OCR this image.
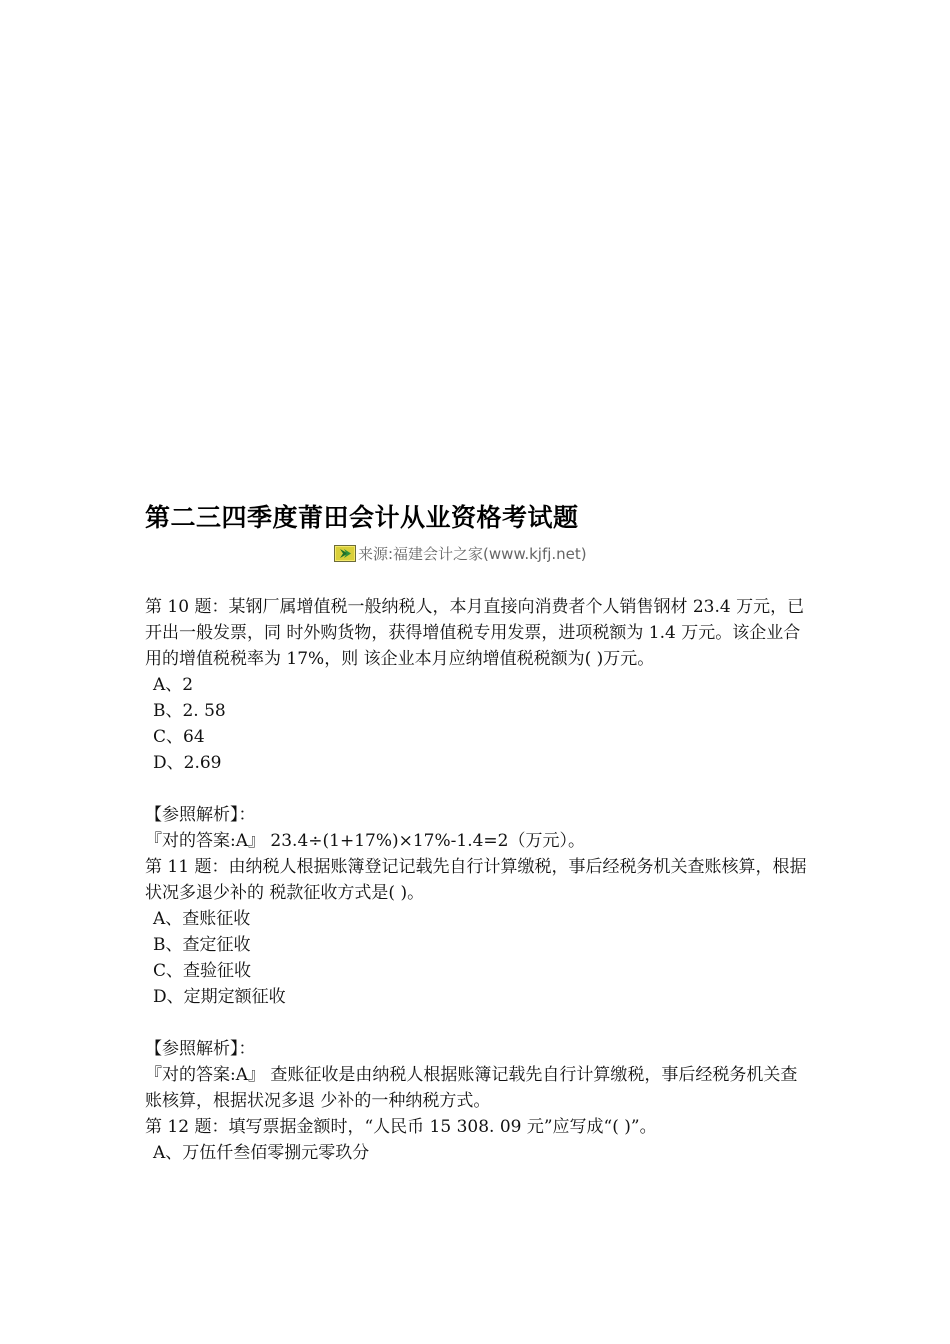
第二三四季度莆田会计从业资格考试题
来源:福建会计之家(www.kjfj.net)

第 10 题：某钢厂属增值税一般纳税人，本月直接向消费者个人销售钢材 23.4 万元，已开出一般发票，同 时外购货物，获得增值税专用发票，进项税额为 1.4 万元。该企业合用的增值税税率为 17%，则 该企业本月应纳增值税税额为( )万元。

A、2

B、2. 58

C、64

D、2.69

【参照解析】：

『对的答案:A』 23.4÷(1+17%)×17%-1.4=2（万元）。

第 11 题：由纳税人根据账簿登记记载先自行计算缴税，事后经税务机关查账核算，根据状况多退少补的 税款征收方式是( )。

A、查账征收

B、查定征收

C、查验征收

D、定期定额征收

【参照解析】：

『对的答案:A』 查账征收是由纳税人根据账簿记载先自行计算缴税，事后经税务机关查账核算，根据状况多退 少补的一种纳税方式。

第 12 题：填写票据金额时，“人民币 15 308. 09 元”应写成“( )”。

A、万伍仟叁佰零捌元零玖分
